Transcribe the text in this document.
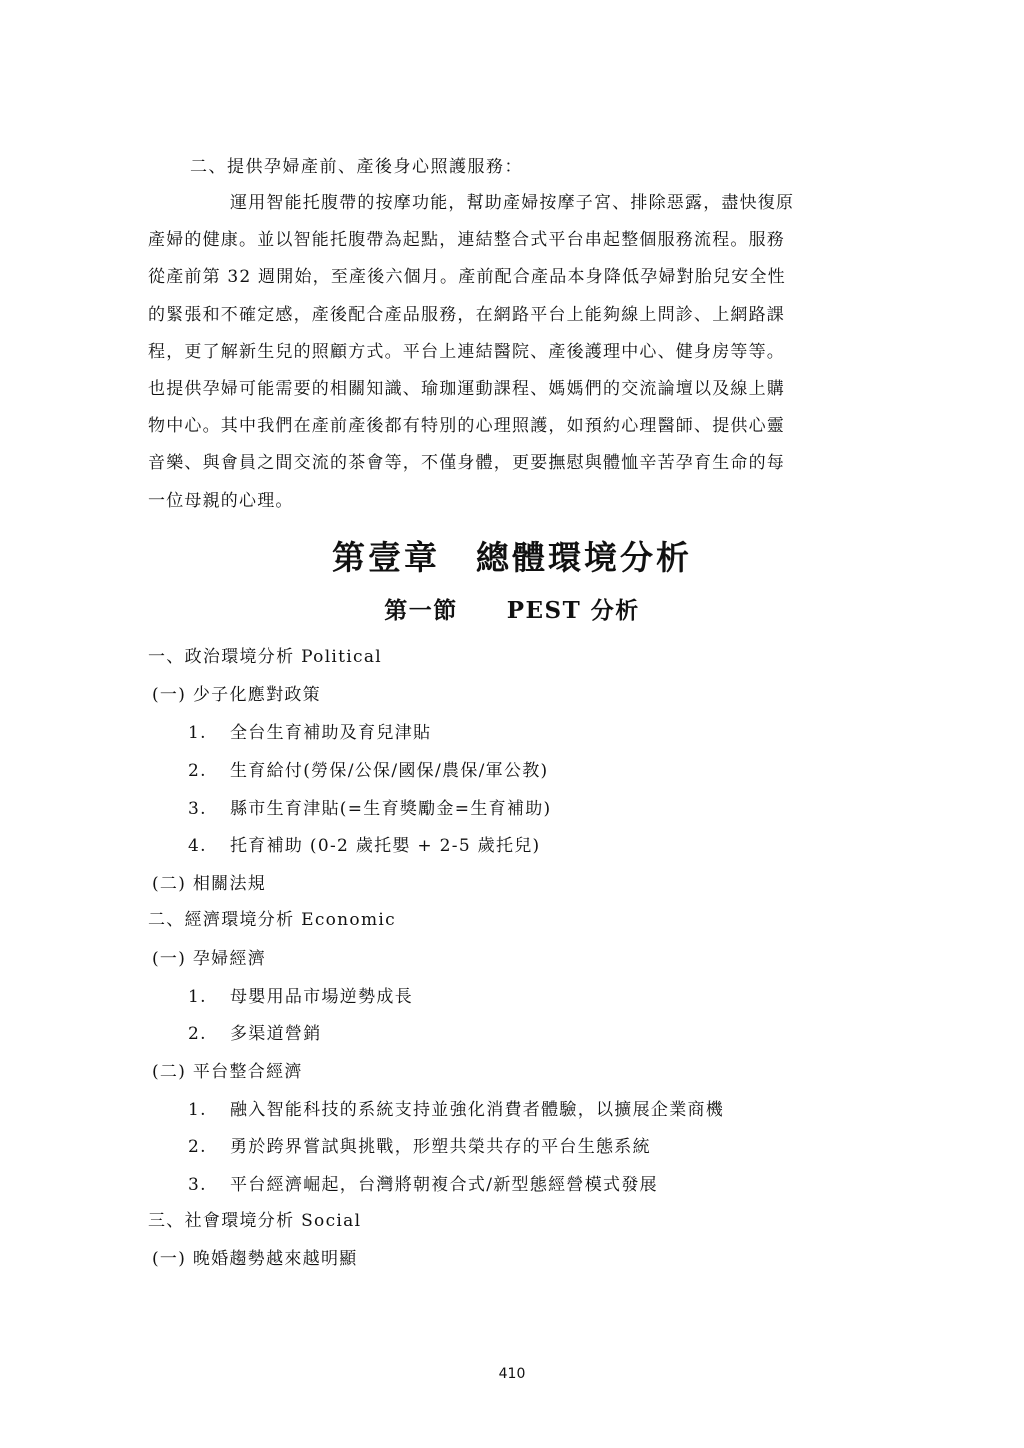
二、提供孕婦產前、產後身心照護服務：
運用智能托腹帶的按摩功能，幫助產婦按摩子宮、排除惡露，盡快復原
產婦的健康。並以智能托腹帶為起點，連結整合式平台串起整個服務流程。服務
從產前第 32 週開始，至產後六個月。產前配合產品本身降低孕婦對胎兒安全性
的緊張和不確定感，產後配合產品服務，在網路平台上能夠線上問診、上網路課
程，更了解新生兒的照顧方式。平台上連結醫院、產後護理中心、健身房等等。
也提供孕婦可能需要的相關知識、瑜珈運動課程、媽媽們的交流論壇以及線上購
物中心。其中我們在產前產後都有特別的心理照護，如預約心理醫師、提供心靈
音樂、與會員之間交流的茶會等，不僅身體，更要撫慰與體恤辛苦孕育生命的每
一位母親的心理。
第壹章　總體環境分析
第一節　　PEST 分析
一、政治環境分析 Political
(一) 少子化應對政策
1. 全台生育補助及育兒津貼
2. 生育給付(勞保/公保/國保/農保/軍公教)
3. 縣市生育津貼(=生育獎勵金=生育補助)
4. 托育補助 (0-2 歲托嬰 + 2-5 歲托兒)
(二) 相關法規
二、經濟環境分析 Economic
(一) 孕婦經濟
1. 母嬰用品市場逆勢成長
2. 多渠道營銷
(二) 平台整合經濟
1. 融入智能科技的系統支持並強化消費者體驗，以擴展企業商機
2. 勇於跨界嘗試與挑戰，形塑共榮共存的平台生態系統
3. 平台經濟崛起，台灣將朝複合式/新型態經營模式發展
三、社會環境分析 Social
(一) 晚婚趨勢越來越明顯
410
